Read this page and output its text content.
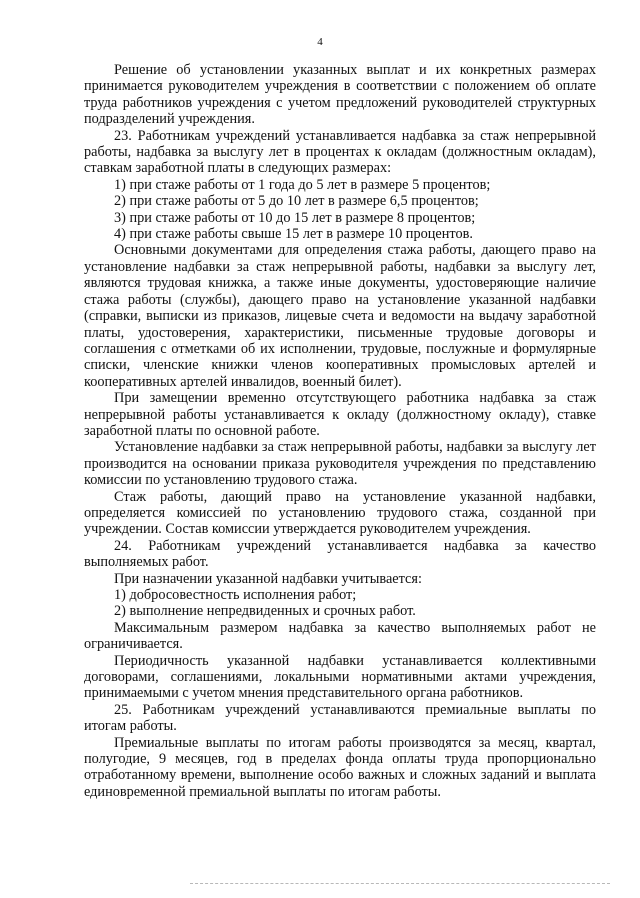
4

Решение об установлении указанных выплат и их конкретных размерах принимается руководителем учреждения в соответствии с положением об оплате труда работников учреждения с учетом предложений руководителей структурных подразделений учреждения.

23. Работникам учреждений устанавливается надбавка за стаж непрерывной работы, надбавка за выслугу лет в процентах к окладам (должностным окладам), ставкам заработной платы в следующих размерах:

1) при стаже работы от 1 года до 5 лет в размере 5 процентов;

2) при стаже работы от 5 до 10 лет в размере 6,5 процентов;

3) при стаже работы от 10 до 15 лет в размере 8 процентов;

4) при стаже работы свыше 15 лет в размере 10 процентов.

Основными документами для определения стажа работы, дающего право на установление надбавки за стаж непрерывной работы, надбавки за выслугу лет, являются трудовая книжка, а также иные документы, удостоверяющие наличие стажа работы (службы), дающего право на установление указанной надбавки (справки, выписки из приказов, лицевые счета и ведомости на выдачу заработной платы, удостоверения, характеристики, письменные трудовые договоры и соглашения с отметками об их исполнении, трудовые, послужные и формулярные списки, членские книжки членов кооперативных промысловых артелей и кооперативных артелей инвалидов, военный билет).

При замещении временно отсутствующего работника надбавка за стаж непрерывной работы устанавливается к окладу (должностному окладу), ставке заработной платы по основной работе.

Установление надбавки за стаж непрерывной работы, надбавки за выслугу лет производится на основании приказа руководителя учреждения по представлению комиссии по установлению трудового стажа.

Стаж работы, дающий право на установление указанной надбавки, определяется комиссией по установлению трудового стажа, созданной при учреждении. Состав комиссии утверждается руководителем учреждения.

24. Работникам учреждений устанавливается надбавка за качество выполняемых работ.

При назначении указанной надбавки учитывается:

1) добросовестность исполнения работ;

2) выполнение непредвиденных и срочных работ.

Максимальным размером надбавка за качество выполняемых работ не ограничивается.

Периодичность указанной надбавки устанавливается коллективными договорами, соглашениями, локальными нормативными актами учреждения, принимаемыми с учетом мнения представительного органа работников.

25. Работникам учреждений устанавливаются премиальные выплаты по итогам работы.

Премиальные выплаты по итогам работы производятся за месяц, квартал, полугодие, 9 месяцев, год в пределах фонда оплаты труда пропорционально отработанному времени, выполнение особо важных и сложных заданий и выплата единовременной премиальной выплаты по итогам работы.
